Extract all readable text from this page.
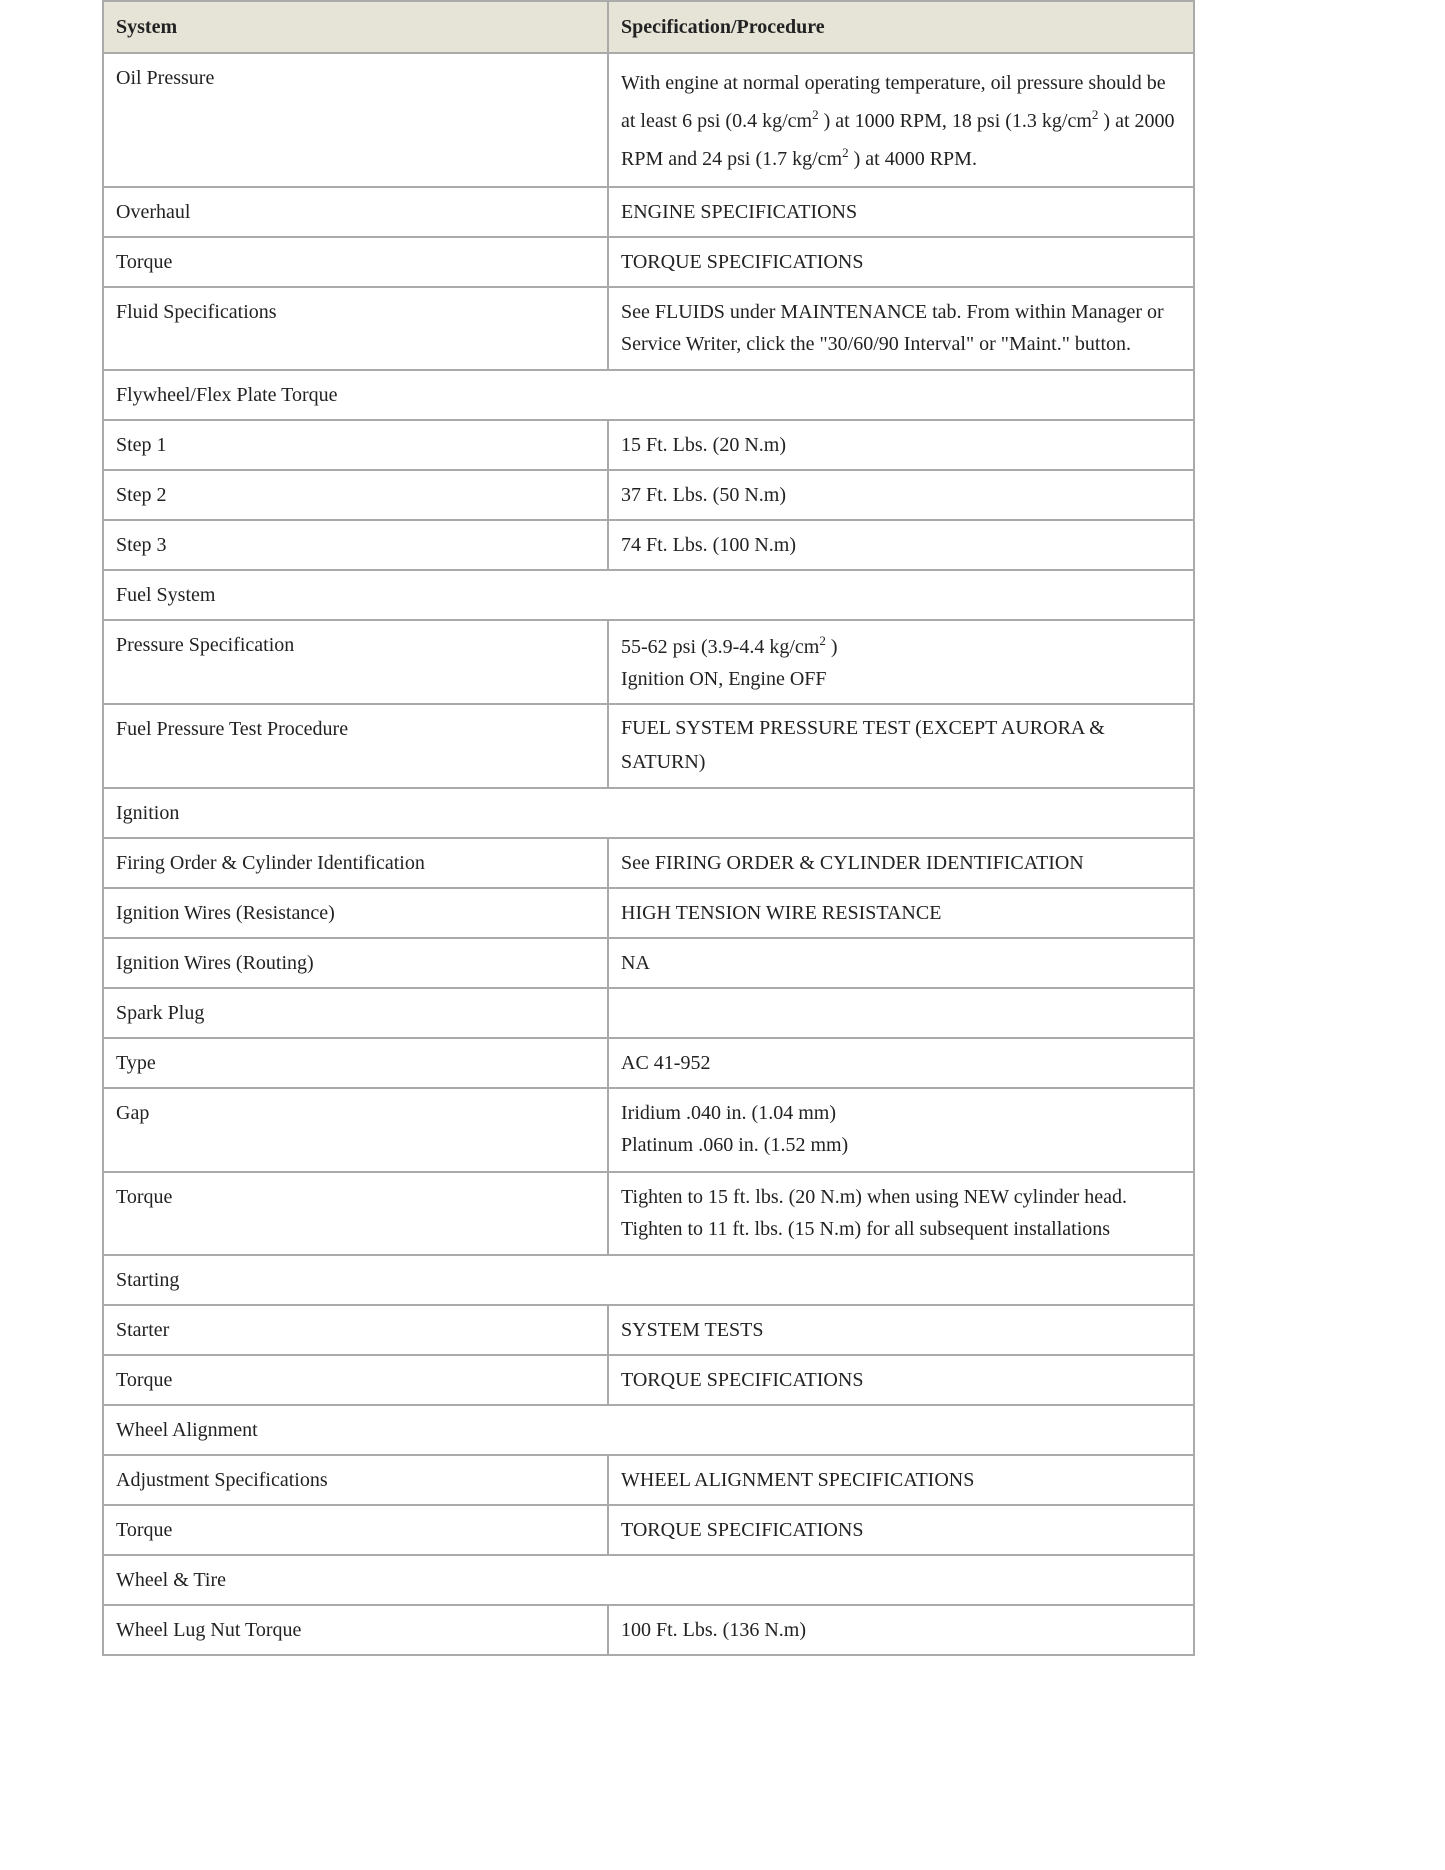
System	Specification/Procedure
Oil Pressure	With engine at normal operating temperature, oil pressure should be at least 6 psi (0.4 $kg/cm^2$ ) at 1000 RPM, 18 psi (1.3 $kg/cm^2$ ) at 2000 RPM and 24 psi (1.7 $kg/cm^2$ ) at 4000 RPM.
Overhaul	ENGINE SPECIFICATIONS
Torque	TORQUE SPECIFICATIONS
Fluid Specifications	See FLUIDS under MAINTENANCE tab. From within Manager or Service Writer, click the "30/60/90 Interval" or "Maint." button.
Flywheel/Flex Plate Torque	
Step 1	15 Ft. Lbs. (20 N.m)
Step 2	37 Ft. Lbs. (50 N.m)
Step 3	74 Ft. Lbs. (100 N.m)
Fuel System	
Pressure Specification	55-62 psi (3.9-4.4 $kg/cm^2$ )
Ignition ON, Engine OFF

Fuel Pressure Test Procedure	FUEL SYSTEM PRESSURE TEST (EXCEPT AURORA & SATURN)
Ignition	
Firing Order & Cylinder Identification	See FIRING ORDER & CYLINDER IDENTIFICATION
Ignition Wires (Resistance)	HIGH TENSION WIRE RESISTANCE
Ignition Wires (Routing)	NA
Spark Plug	
Type	AC 41-952
Gap	Iridium .040 in. (1.04 mm)
Platinum .060 in. (1.52 mm)

Torque	Tighten to 15 ft. lbs. (20 N.m) when using NEW cylinder head. Tighten to 11 ft. lbs. (15 N.m) for all subsequent installations
Starting	
Starter	SYSTEM TESTS
Torque	TORQUE SPECIFICATIONS
Wheel Alignment	
Adjustment Specifications	WHEEL ALIGNMENT SPECIFICATIONS
Torque	TORQUE SPECIFICATIONS
Wheel & Tire	
Wheel Lug Nut Torque	100 Ft. Lbs. (136 N.m)
